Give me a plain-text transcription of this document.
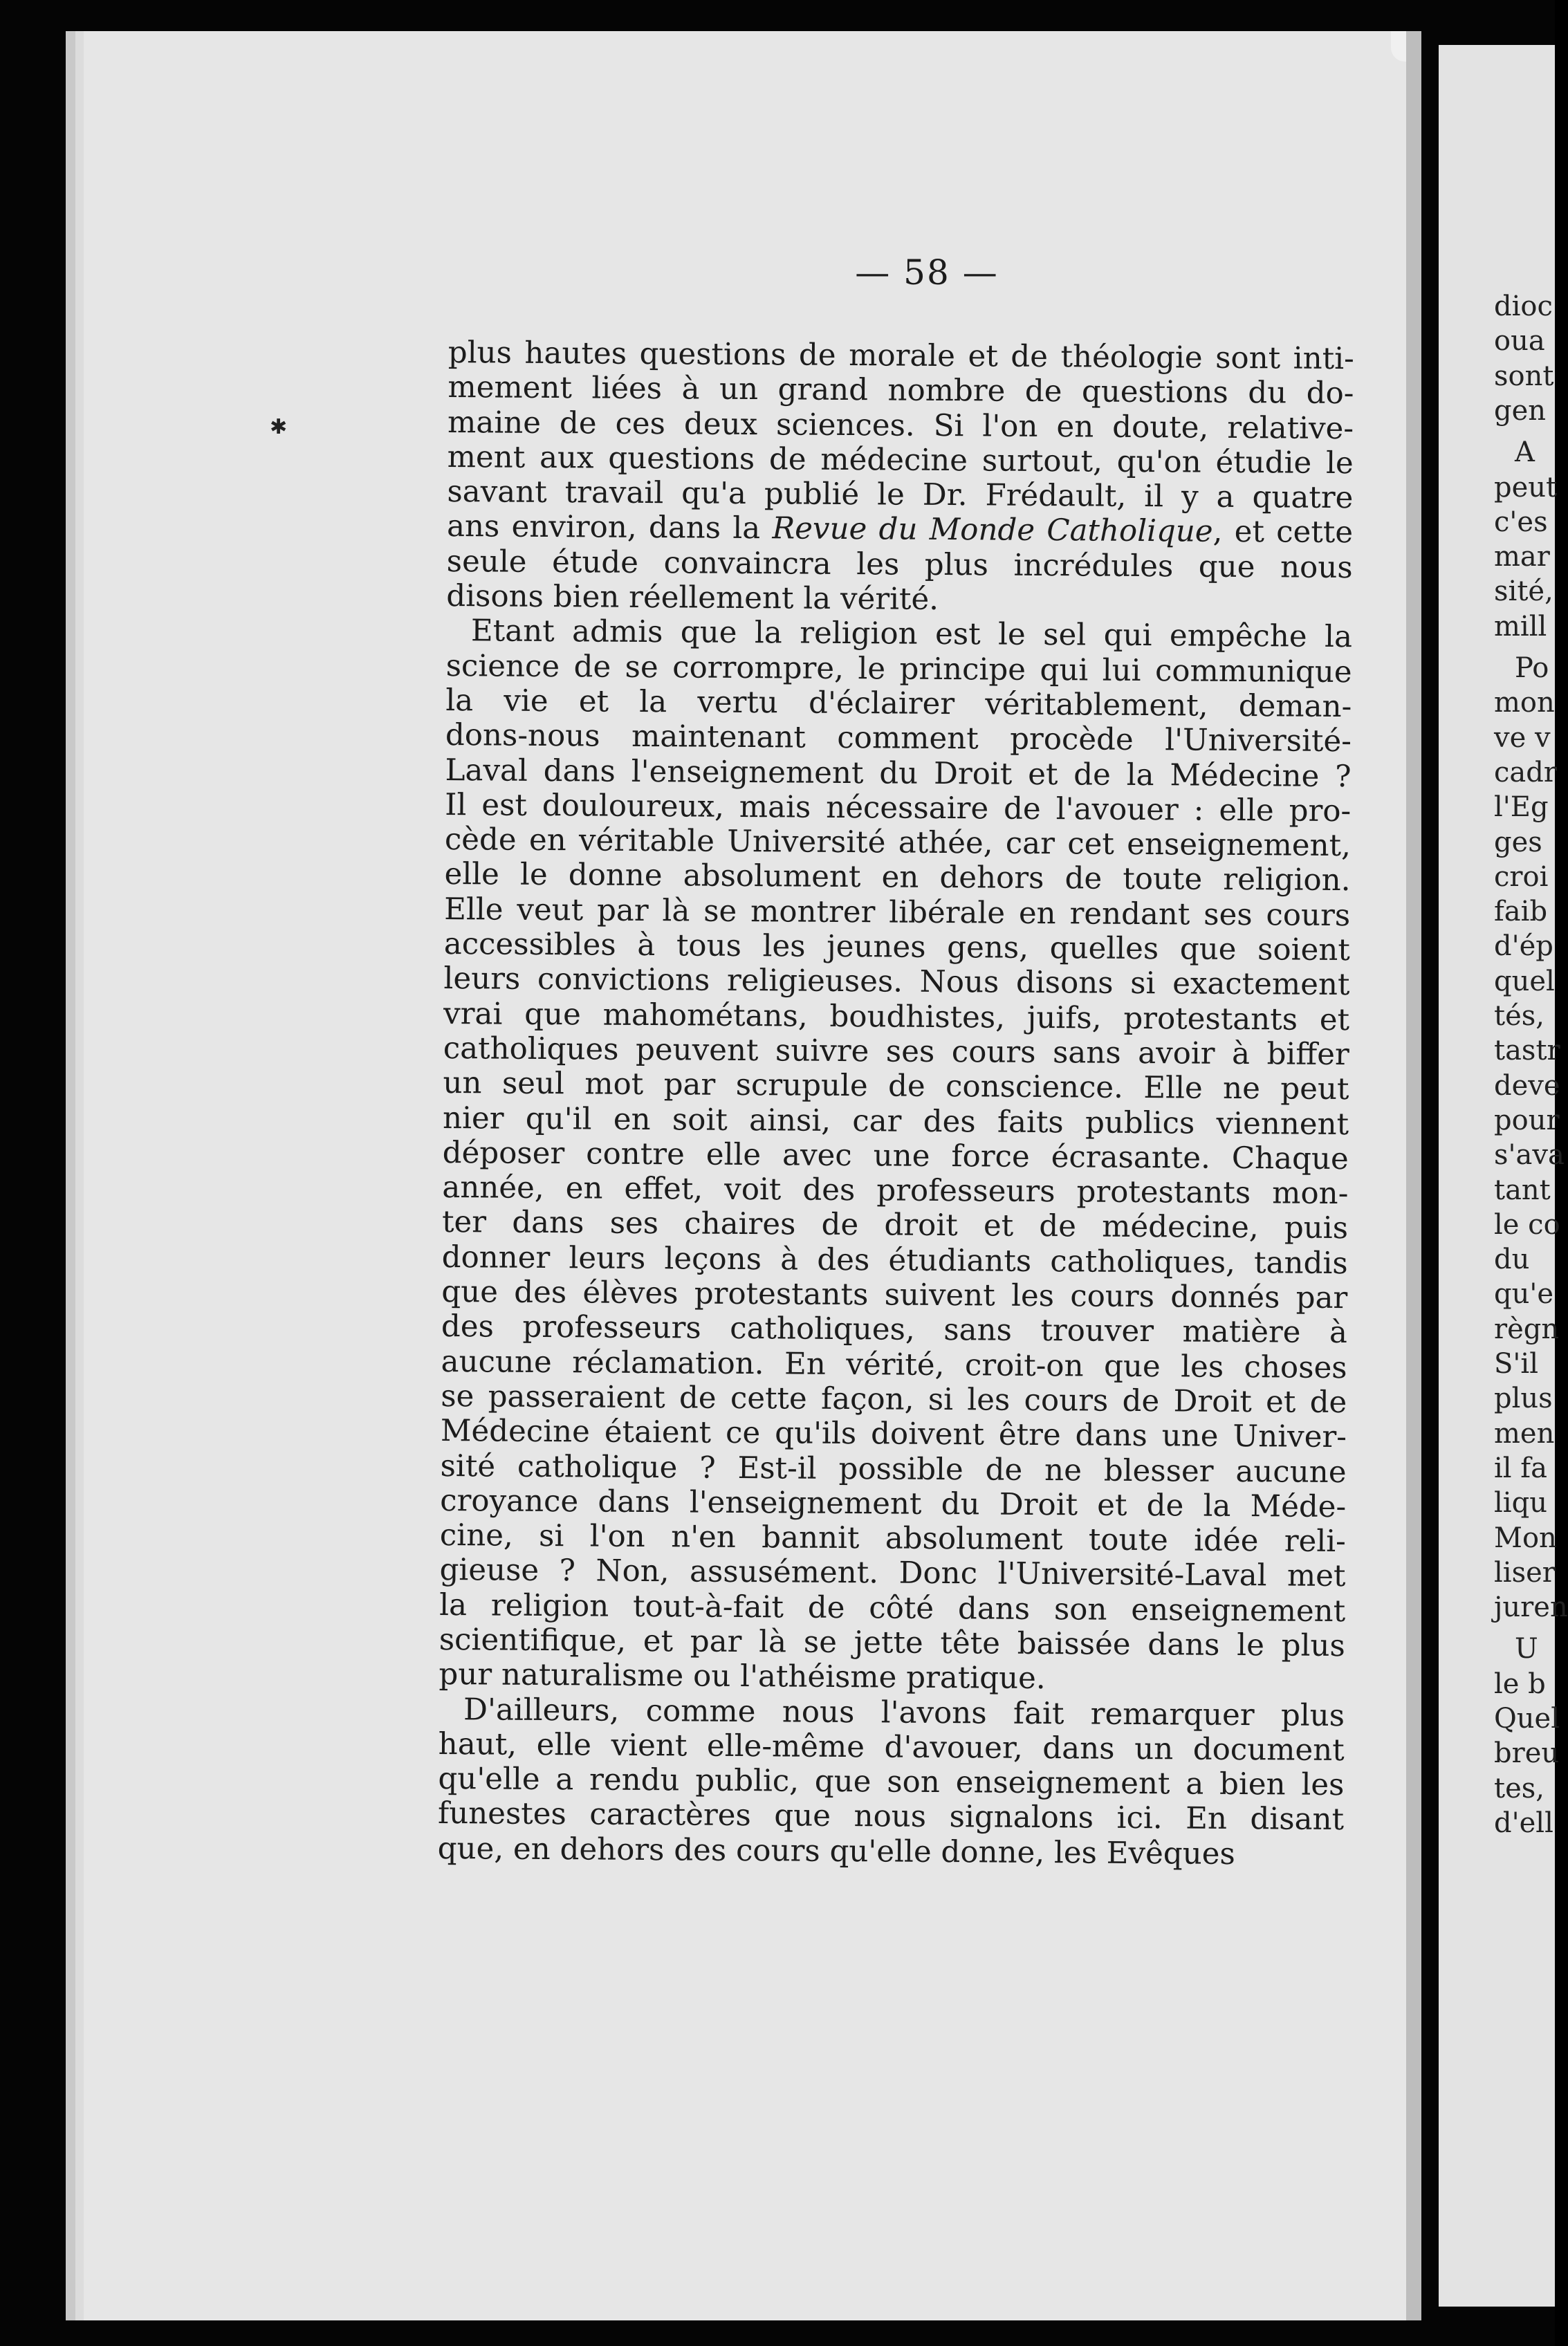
✱
— 58 —
plus hautes questions de morale et de théologie sont inti-
mement liées à un grand nombre de questions du do-
maine de ces deux sciences. Si l'on en doute, relative-
ment aux questions de médecine surtout, qu'on étudie le
savant travail qu'a publié le Dr. Frédault, il y a quatre
ans environ, dans la Revue du Monde Catholique, et cette
seule étude convaincra les plus incrédules que nous
disons bien réellement la vérité.
Etant admis que la religion est le sel qui empêche la
science de se corrompre, le principe qui lui communique
la vie et la vertu d'éclairer véritablement, deman-
dons-nous maintenant comment procède l'Université-
Laval dans l'enseignement du Droit et de la Médecine ?
Il est douloureux, mais nécessaire de l'avouer : elle pro-
cède en véritable Université athée, car cet enseignement,
elle le donne absolument en dehors de toute religion.
Elle veut par là se montrer libérale en rendant ses cours
accessibles à tous les jeunes gens, quelles que soient
leurs convictions religieuses. Nous disons si exactement
vrai que mahométans, boudhistes, juifs, protestants et
catholiques peuvent suivre ses cours sans avoir à biffer
un seul mot par scrupule de conscience. Elle ne peut
nier qu'il en soit ainsi, car des faits publics viennent
déposer contre elle avec une force écrasante. Chaque
année, en effet, voit des professeurs protestants mon-
ter dans ses chaires de droit et de médecine, puis
donner leurs leçons à des étudiants catholiques, tandis
que des élèves protestants suivent les cours donnés par
des professeurs catholiques, sans trouver matière à
aucune réclamation. En vérité, croit-on que les choses
se passeraient de cette façon, si les cours de Droit et de
Médecine étaient ce qu'ils doivent être dans une Univer-
sité catholique ? Est-il possible de ne blesser aucune
croyance dans l'enseignement du Droit et de la Méde-
cine, si l'on n'en bannit absolument toute idée reli-
gieuse ? Non, assusément. Donc l'Université-Laval met
la religion tout-à-fait de côté dans son enseignement
scientifique, et par là se jette tête baissée dans le plus
pur naturalisme ou l'athéisme pratique.
D'ailleurs, comme nous l'avons fait remarquer plus
haut, elle vient elle-même d'avouer, dans un document
qu'elle a rendu public, que son enseignement a bien les
funestes caractères que nous signalons ici. En disant
que, en dehors des cours qu'elle donne, les Evêques
dioc
oua
sont
gen
A
peut
c'es
mar
sité,
mill
Po
mon
ve v
cadr
l'Eg
ges
croi
faib
d'ép
quel
tés,
tastr
deve
pour
s'ava
tant
le co
du
qu'e
règn
S'il
plus
men
il fa
liqu
Mon
liser
juren
U
le b
Quel
breu
tes,
d'ell
